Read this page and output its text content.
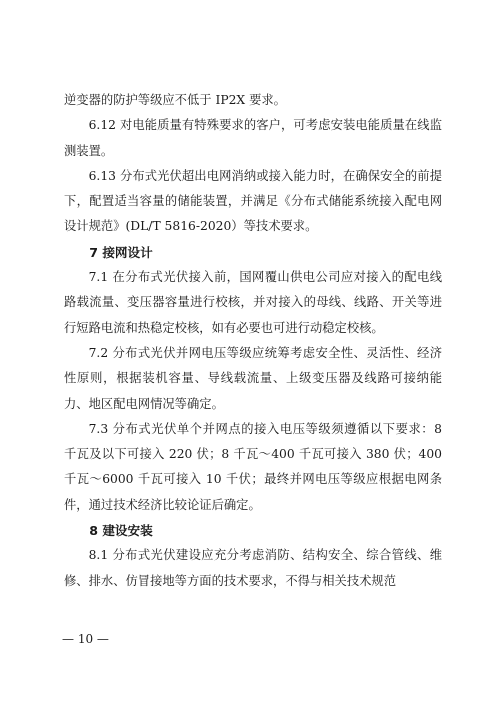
逆变器的防护等级应不低于 IP2X 要求。

6.12 对电能质量有特殊要求的客户，可考虑安装电能质量在线监测装置。

6.13 分布式光伏超出电网消纳或接入能力时，在确保安全的前提下，配置适当容量的储能装置，并满足《分布式储能系统接入配电网设计规范》(DL/T 5816-2020）等技术要求。

7 接网设计

7.1 在分布式光伏接入前，国网覆山供电公司应对接入的配电线路载流量、变压器容量进行校核，并对接入的母线、线路、开关等进行短路电流和热稳定校核，如有必要也可进行动稳定校核。

7.2 分布式光伏并网电压等级应统筹考虑安全性、灵活性、经济性原则，根据装机容量、导线载流量、上级变压器及线路可接纳能力、地区配电网情况等确定。

7.3 分布式光伏单个并网点的接入电压等级须遵循以下要求：8 千瓦及以下可接入 220 伏；8 千瓦～400 千瓦可接入 380 伏；400 千瓦～6000 千瓦可接入 10 千伏；最终并网电压等级应根据电网条件，通过技术经济比较论证后确定。

8 建设安装

8.1 分布式光伏建设应充分考虑消防、结构安全、综合管线、维修、排水、仿冒接地等方面的技术要求，不得与相关技术规范

— 10 —
